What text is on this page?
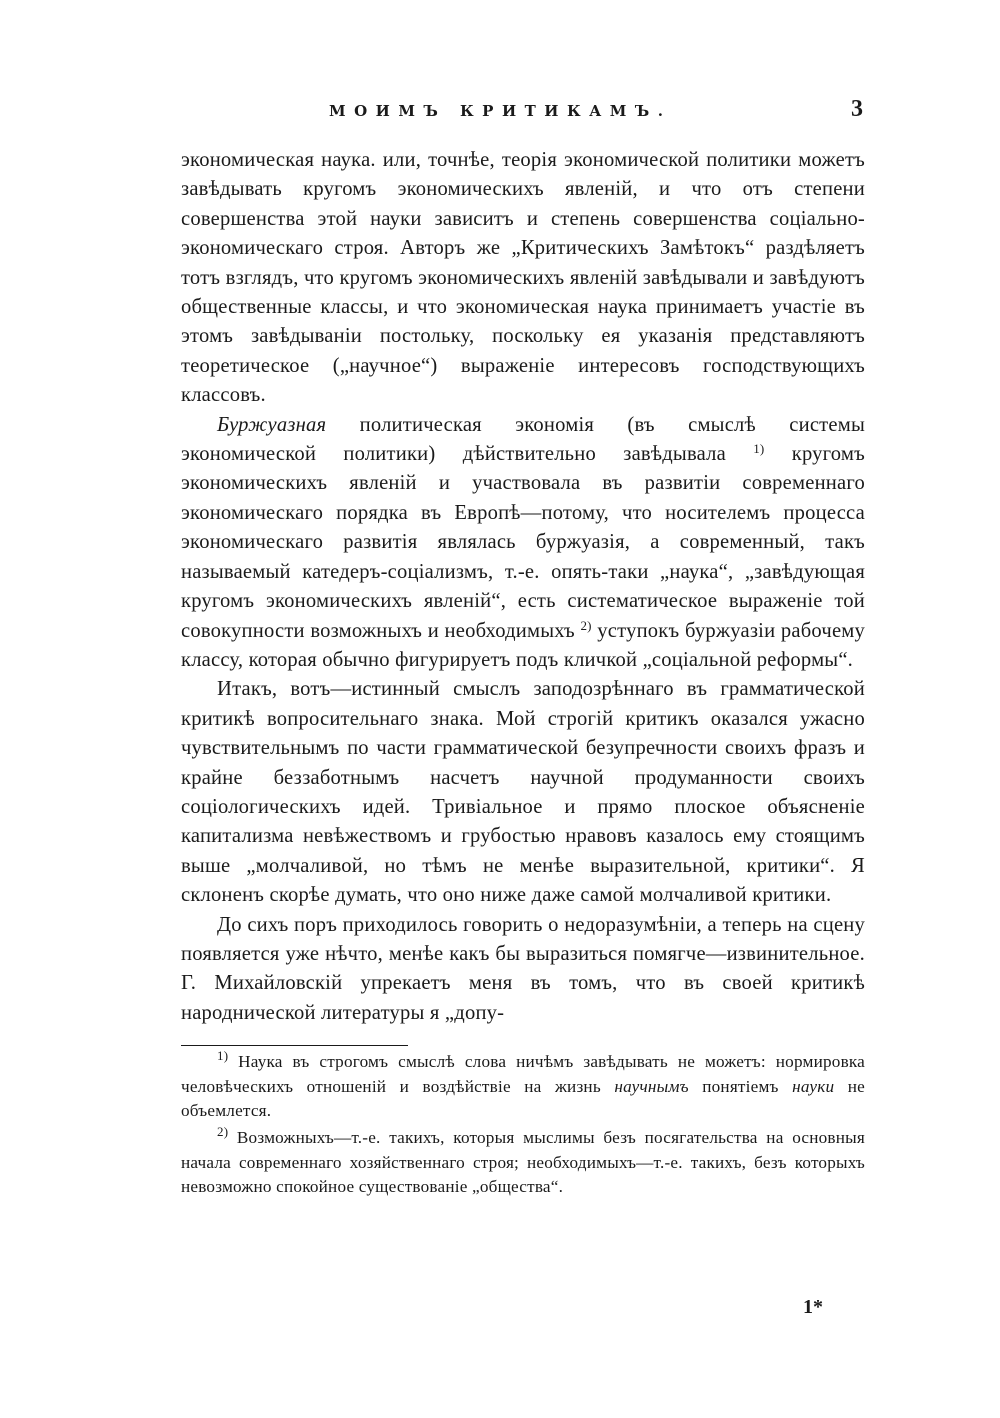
МОИМЪ КРИТИКАМЪ.	3

экономическая наука. или, точнѣе, теорія экономической политики можетъ завѣдывать кругомъ экономическихъ явленій, и что отъ степени совершенства этой науки зависитъ и степень совершенства соціально-экономическаго строя. Авторъ же „Критическихъ Замѣтокъ“ раздѣляетъ тотъ взглядъ, что кругомъ экономическихъ явленій завѣдывали и завѣдуютъ общественные классы, и что экономическая наука принимаетъ участіе въ этомъ завѣдываніи постольку, поскольку ея указанія представляютъ теоретическое („научное“) выраженіе интересовъ господствующихъ классовъ.

Буржуазная политическая экономія (въ смыслѣ системы экономической политики) дѣйствительно завѣдывала $^{1)}$ кругомъ экономическихъ явленій и участвовала въ развитіи современнаго экономическаго порядка въ Европѣ—потому, что носителемъ процесса экономическаго развитія являлась буржуазія, а современный, такъ называемый катедеръ-соціализмъ, т.-е. опять-таки „наука“, „завѣдующая кругомъ экономическихъ явленій“, есть систематическое выраженіе той совокупности возможныхъ и необходимыхъ $^{2)}$ уступокъ буржуазіи рабочему классу, которая обычно фигурируетъ подъ кличкой „соціальной реформы“.

Итакъ, вотъ—истинный смыслъ заподозрѣннаго въ грамматической критикѣ вопросительнаго знака. Мой строгій критикъ оказался ужасно чувствительнымъ по части грамматической безупречности своихъ фразъ и крайне беззаботнымъ насчетъ научной продуманности своихъ соціологическихъ идей. Тривіальное и прямо плоское объясненіе капитализма невѣжествомъ и грубостью нравовъ казалось ему стоящимъ выше „молчаливой, но тѣмъ не менѣе выразительной, критики“. Я склоненъ скорѣе думать, что оно ниже даже самой молчаливой критики.

До сихъ поръ приходилось говорить о недоразумѣніи, а теперь на сцену появляется уже нѣчто, менѣе какъ бы выразиться помягче—извинительное. Г. Михайловскій упрекаетъ меня въ томъ, что въ своей критикѣ народнической литературы я „допу-

$^{1)}$ Наука въ строгомъ смыслѣ слова ничѣмъ завѣдывать не можетъ: нормировка человѣческихъ отношеній и воздѣйствіе на жизнь научнымъ понятіемъ науки не объемлется.

$^{2)}$ Возможныхъ—т.-е. такихъ, которыя мыслимы безъ посягательства на основныя начала современнаго хозяйственнаго строя; необходимыхъ—т.-е. такихъ, безъ которыхъ невозможно спокойное существованіе „общества“.

1*
